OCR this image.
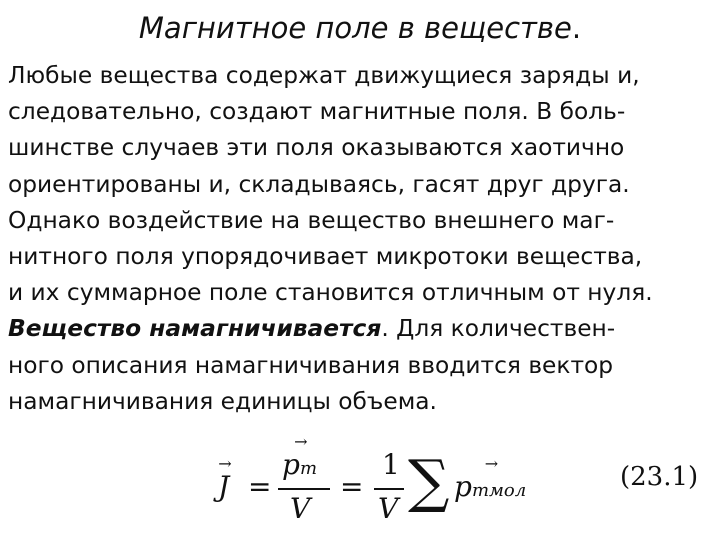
Магнитное поле в веществе.
Любые вещества содержат движущиеся заряды и,
следовательно, создают магнитные поля. В боль-
шинстве случаев эти поля оказываются хаотично
ориентированы и, складываясь, гасят друг друга.
Однако воздействие на вещество внешнего маг-
нитного поля упорядочивает микротоки вещества,
и их суммарное поле становится отличным от нуля.
Вещество намагничивается. Для количествен-
ного описания намагничивания вводится вектор
намагничивания единицы объема.
→
J =
→
pm
V
=
1
V ∑ →
pmмол	(23.1)
